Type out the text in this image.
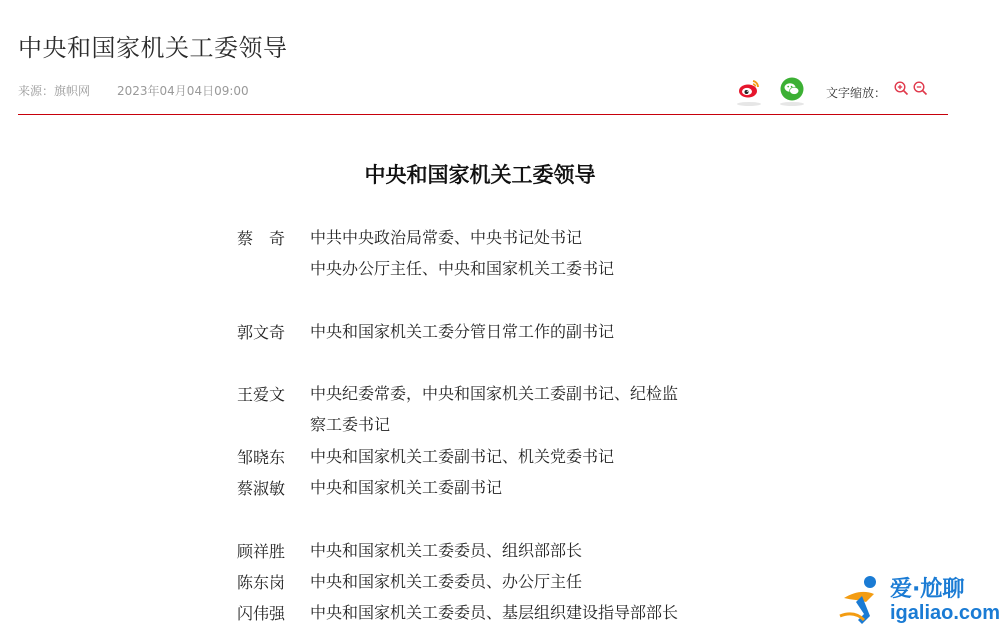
中央和国家机关工委领导
来源：旗帜网 2023年04月04日09:00	文字缩放：
中央和国家机关工委领导
蔡　奇	中共中央政治局常委、中央书记处书记
中央办公厅主任、中央和国家机关工委书记
郭文奇	中央和国家机关工委分管日常工作的副书记
王爱文	中央纪委常委，中央和国家机关工委副书记、纪检监
察工委书记
邹晓东	中央和国家机关工委副书记、机关党委书记
蔡淑敏	中央和国家机关工委副书记
顾祥胜	中央和国家机关工委委员、组织部部长
陈东岗	中央和国家机关工委委员、办公厅主任
闪伟强	中央和国家机关工委委员、基层组织建设指导部部长
爱·尬聊
igaliao.com
